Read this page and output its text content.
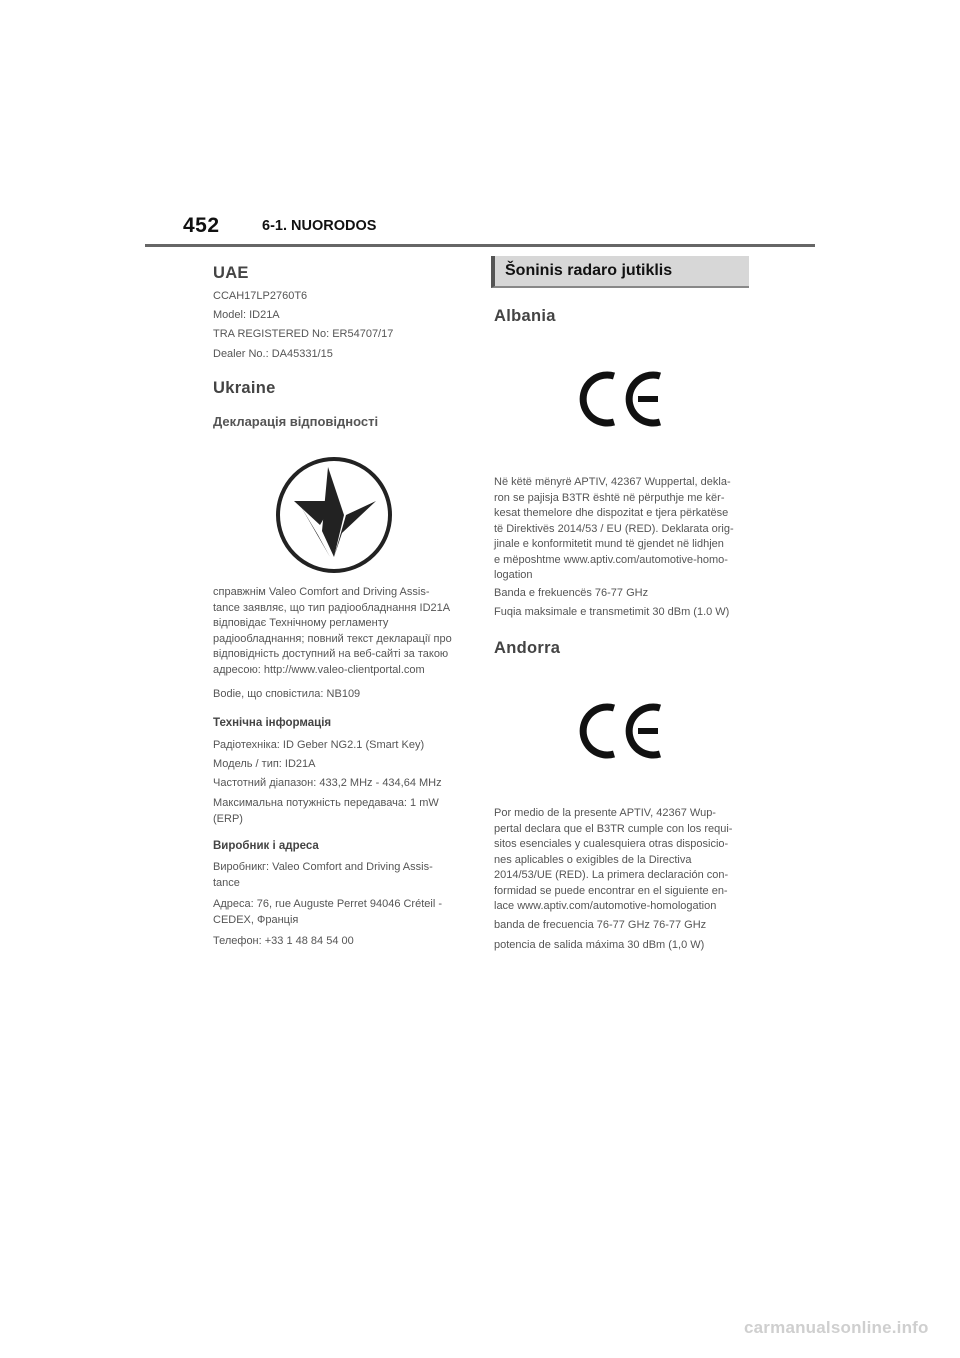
452	6-1. NUORODOS
UAE
CCAH17LP2760T6
Model: ID21A
TRA REGISTERED No: ER54707/17
Dealer No.: DA45331/15
Ukraine
Декларація відповідності
справжнім Valeo Comfort and Driving Assis-
tance заявляє, що тип радіообладнання ID21A
відповідає Технічному регламенту
радіообладнання; повний текст декларації про
відповідність доступний на веб-сайті за такою
адресою: http://www.valeo-clientportal.com
Bodie, що сповістила: NB109
Технічна інформація
Радіотехніка: ID Geber NG2.1 (Smart Key)
Модель / тип: ID21A
Частотний діапазон: 433,2 MHz - 434,64 MHz
Максимальна потужність передавача: 1 mW
(ERP)
Виробник і адреса
Виробникг: Valeo Comfort and Driving Assis-
tance
Адреса: 76, rue Auguste Perret 94046 Créteil -
CEDEX, Франція
Телефон: +33 1 48 84 54 00
Šoninis radaro jutiklis
Albania
Në këtë mënyrë APTIV, 42367 Wuppertal, dekla-
ron se pajisja B3TR është në përputhje me kër-
kesat themelore dhe dispozitat e tjera përkatëse
të Direktivës 2014/53 / EU (RED). Deklarata orig-
jinale e konformitetit mund të gjendet në lidhjen
e mëposhtme www.aptiv.com/automotive-homo-
logation
Banda e frekuencës 76-77 GHz
Fuqia maksimale e transmetimit 30 dBm (1.0 W)
Andorra
Por medio de la presente APTIV, 42367 Wup-
pertal declara que el B3TR cumple con los requi-
sitos esenciales y cualesquiera otras disposicio-
nes aplicables o exigibles de la Directiva
2014/53/UE (RED). La primera declaración con-
formidad se puede encontrar en el siguiente en-
lace www.aptiv.com/automotive-homologation
banda de frecuencia 76-77 GHz 76-77 GHz
potencia de salida máxima 30 dBm (1,0 W)
carmanualsonline.info
